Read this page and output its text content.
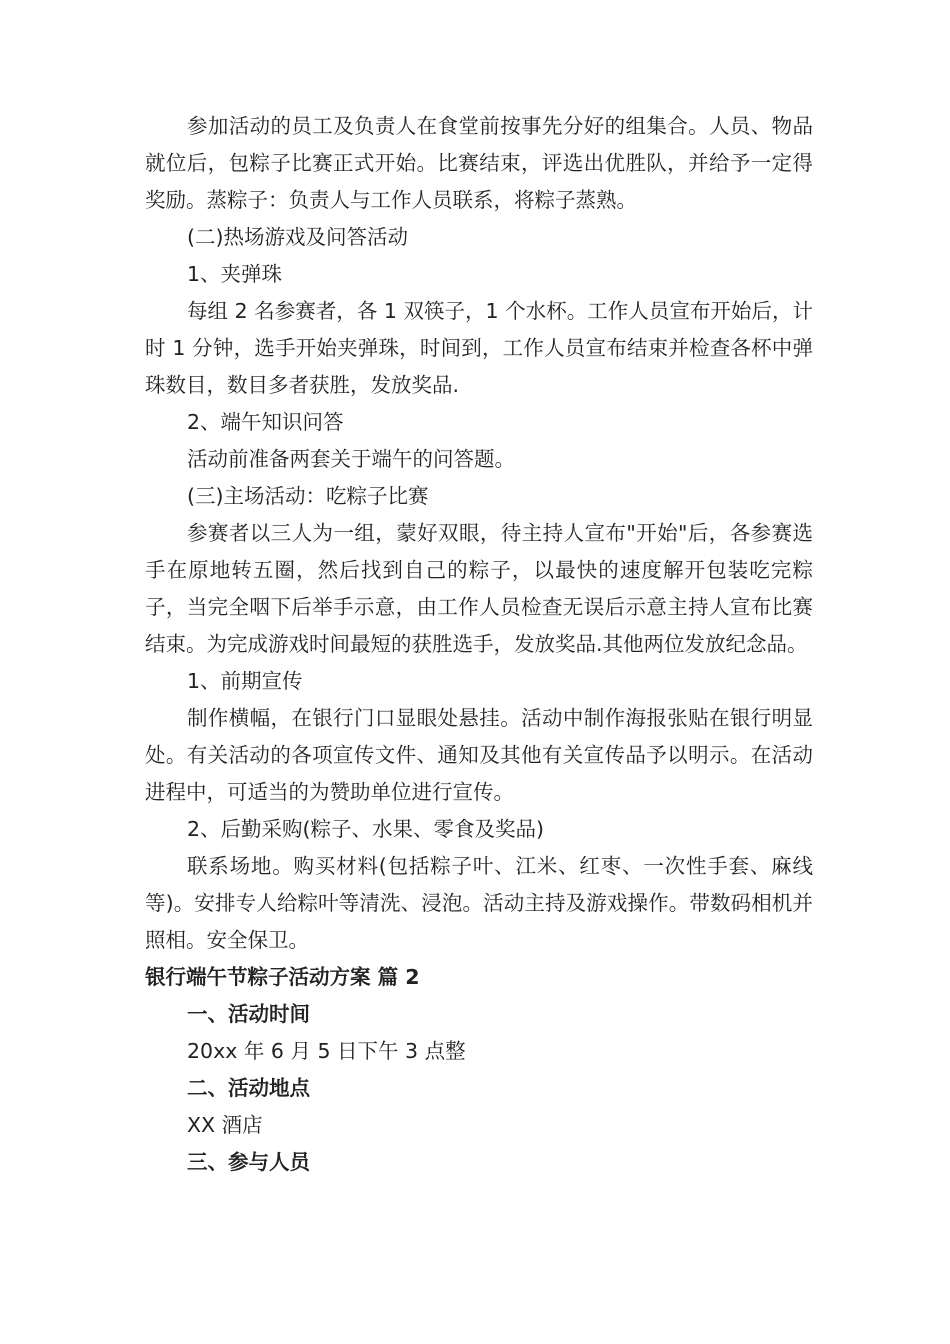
参加活动的员工及负责人在食堂前按事先分好的组集合。人员、物品就位后，包粽子比赛正式开始。比赛结束，评选出优胜队，并给予一定得奖励。蒸粽子：负责人与工作人员联系，将粽子蒸熟。

(二)热场游戏及问答活动

1、夹弹珠

每组 2 名参赛者，各 1 双筷子，1 个水杯。工作人员宣布开始后，计时 1 分钟，选手开始夹弹珠，时间到，工作人员宣布结束并检查各杯中弹珠数目，数目多者获胜，发放奖品.

2、端午知识问答

活动前准备两套关于端午的问答题。

(三)主场活动：吃粽子比赛

参赛者以三人为一组，蒙好双眼，待主持人宣布"开始"后，各参赛选手在原地转五圈，然后找到自己的粽子，以最快的速度解开包装吃完粽子，当完全咽下后举手示意，由工作人员检查无误后示意主持人宣布比赛结束。为完成游戏时间最短的获胜选手，发放奖品.其他两位发放纪念品。

1、前期宣传

制作横幅，在银行门口显眼处悬挂。活动中制作海报张贴在银行明显处。有关活动的各项宣传文件、通知及其他有关宣传品予以明示。在活动进程中，可适当的为赞助单位进行宣传。

2、后勤采购(粽子、水果、零食及奖品)

联系场地。购买材料(包括粽子叶、江米、红枣、一次性手套、麻线等)。安排专人给粽叶等清洗、浸泡。活动主持及游戏操作。带数码相机并照相。安全保卫。

银行端午节粽子活动方案 篇 2

一、活动时间

20xx 年 6 月 5 日下午 3 点整

二、活动地点

XX 酒店

三、参与人员
